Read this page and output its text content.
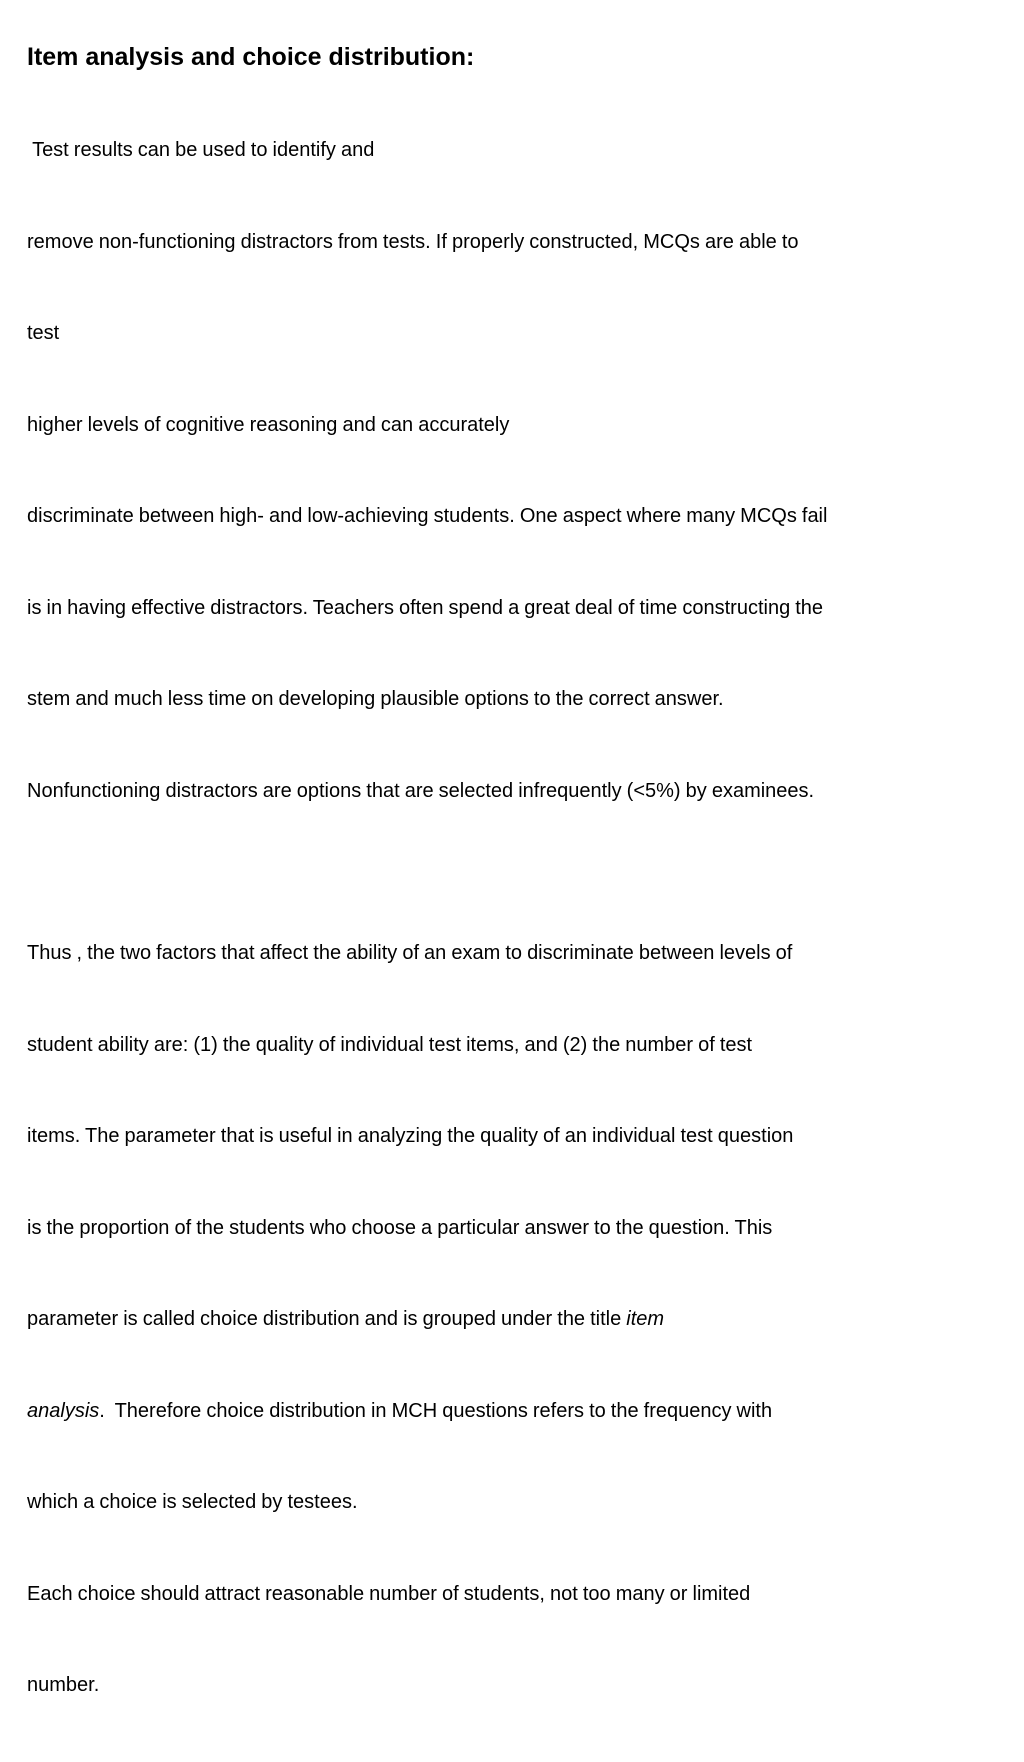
Item analysis and choice distribution:

Test results can be used to identify and

remove non-functioning distractors from tests. If properly constructed, MCQs are able to

test

higher levels of cognitive reasoning and can accurately

discriminate between high- and low-achieving students. One aspect where many MCQs fail

is in having effective distractors. Teachers often spend a great deal of time constructing the

stem and much less time on developing plausible options to the correct answer.

Nonfunctioning distractors are options that are selected infrequently (<5%) by examinees.

Thus , the two factors that affect the ability of an exam to discriminate between levels of

student ability are: (1) the quality of individual test items, and (2) the number of test

items. The parameter that is useful in analyzing the quality of an individual test question

is the proportion of the students who choose a particular answer to the question. This

parameter is called choice distribution and is grouped under the title item

analysis.  Therefore choice distribution in MCH questions refers to the frequency with

which a choice is selected by testees.

Each choice should attract reasonable number of students, not too many or limited

number.
